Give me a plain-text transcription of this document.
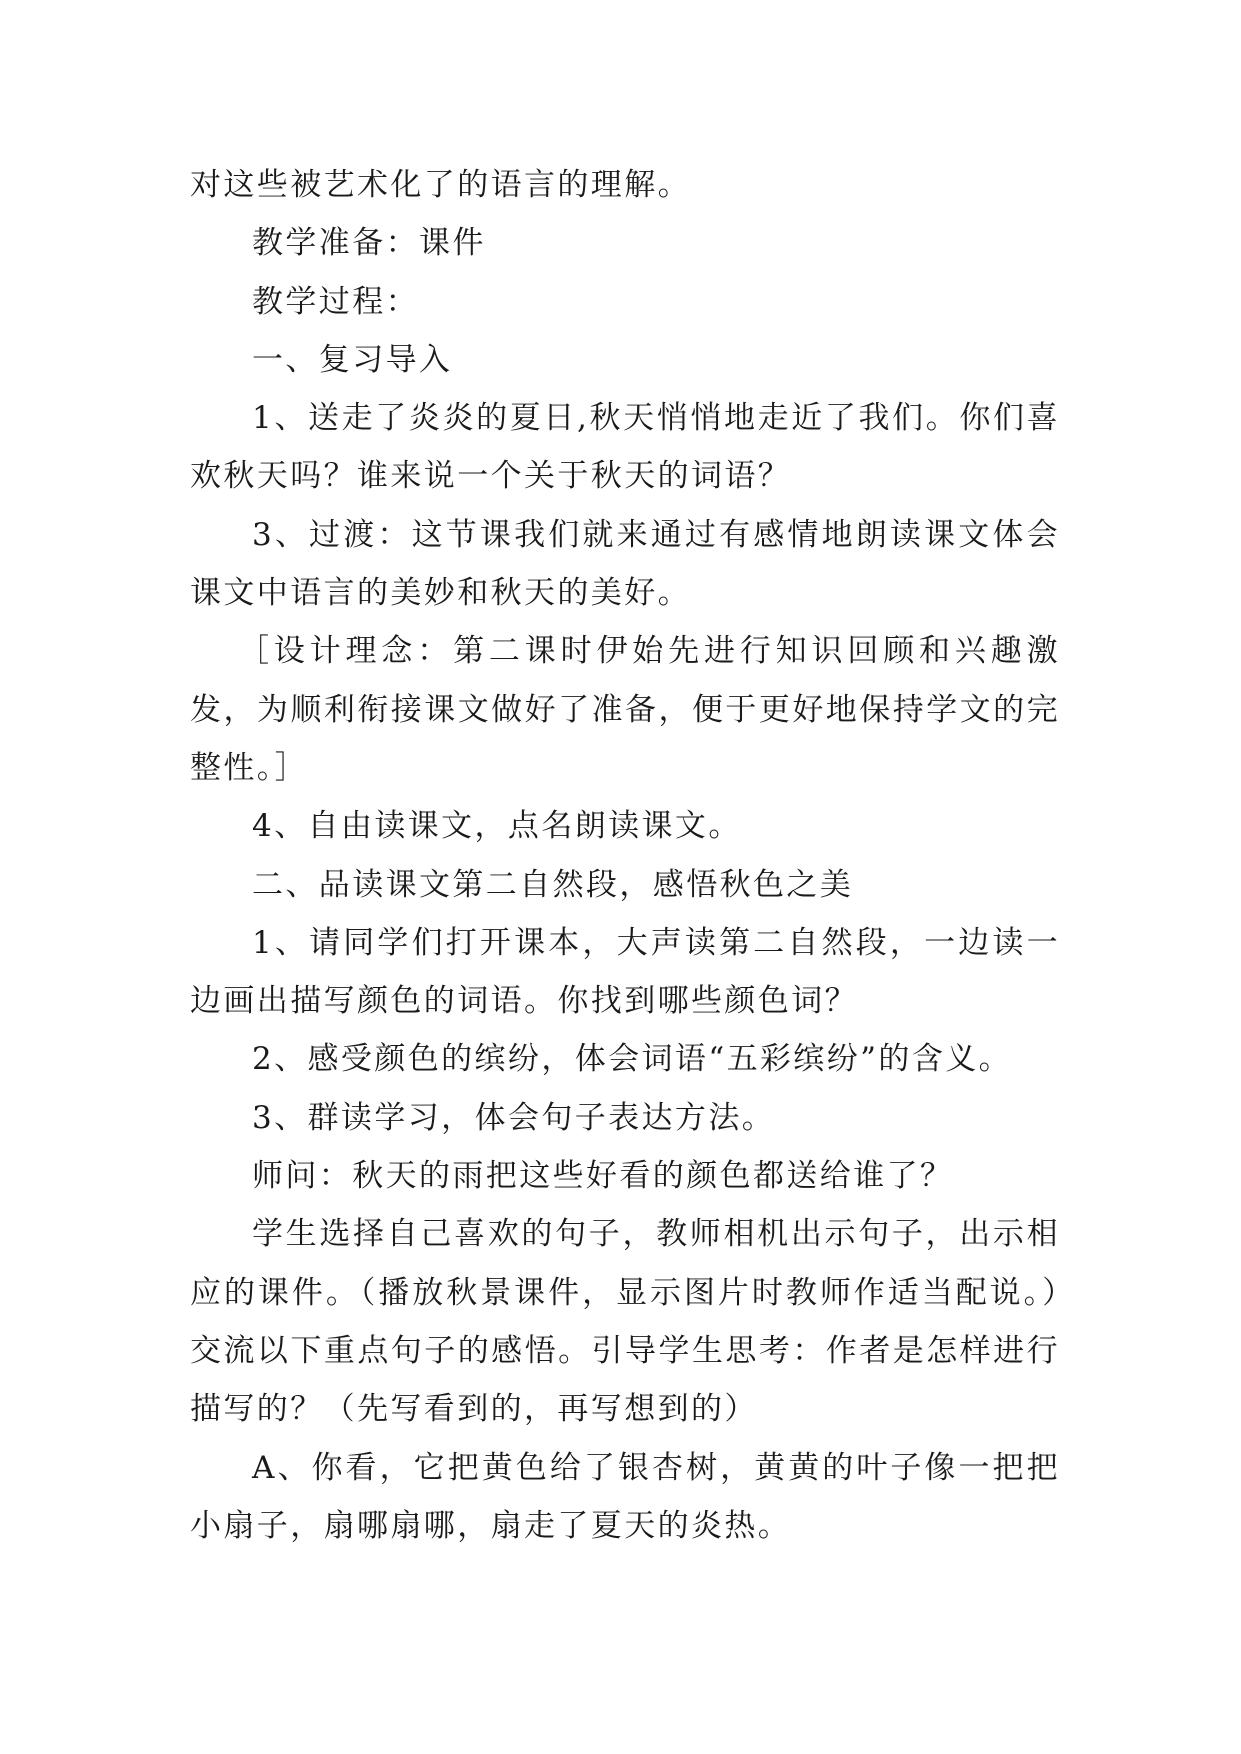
对这些被艺术化了的语言的理解。

教学准备：课件

教学过程：

一、复习导入

1、送走了炎炎的夏日,秋天悄悄地走近了我们。你们喜欢秋天吗？谁来说一个关于秋天的词语？

3、过渡：这节课我们就来通过有感情地朗读课文体会课文中语言的美妙和秋天的美好。

［设计理念：第二课时伊始先进行知识回顾和兴趣激发，为顺利衔接课文做好了准备，便于更好地保持学文的完整性。］

4、自由读课文，点名朗读课文。

二、品读课文第二自然段，感悟秋色之美

1、请同学们打开课本，大声读第二自然段，一边读一边画出描写颜色的词语。你找到哪些颜色词？

2、感受颜色的缤纷，体会词语“五彩缤纷”的含义。

3、群读学习，体会句子表达方法。

师问：秋天的雨把这些好看的颜色都送给谁了？

学生选择自己喜欢的句子，教师相机出示句子，出示相应的课件。（播放秋景课件，显示图片时教师作适当配说。）交流以下重点句子的感悟。引导学生思考：作者是怎样进行描写的？（先写看到的，再写想到的）

A、你看，它把黄色给了银杏树，黄黄的叶子像一把把小扇子，扇哪扇哪，扇走了夏天的炎热。
